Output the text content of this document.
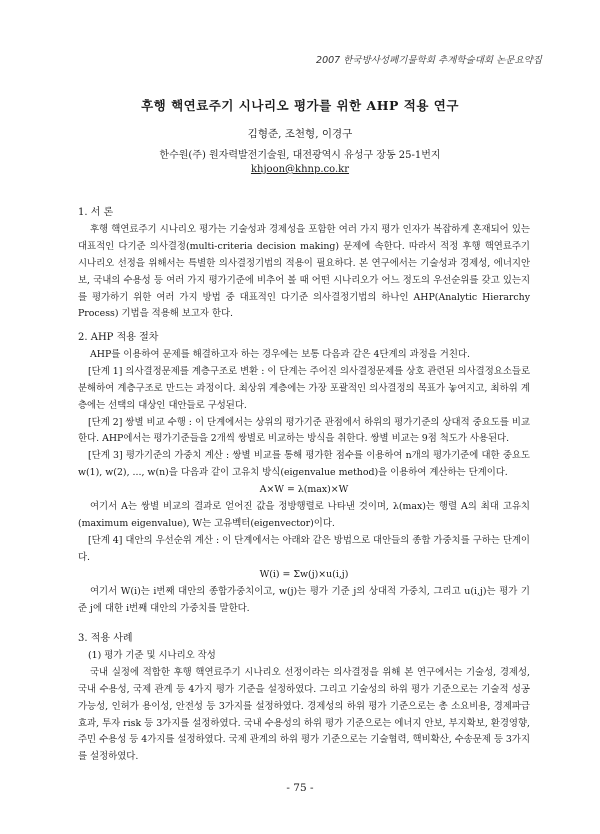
2007 한국방사성폐기물학회 추계학술대회 논문요약집
후행 핵연료주기 시나리오 평가를 위한 AHP 적용 연구
김형준, 조천형, 이경구
한수원(주) 원자력발전기술원, 대전광역시 유성구 장동 25-1번지
khjoon@khnp.co.kr

1. 서 론

후행 핵연료주기 시나리오 평가는 기술성과 경제성을 포함한 여러 가지 평가 인자가 복잡하게 혼재되어 있는 대표적인 다기준 의사결정(multi-criteria decision making) 문제에 속한다. 따라서 적정 후행 핵연료주기 시나리오 선정을 위해서는 특별한 의사결정기법의 적용이 필요하다. 본 연구에서는 기술성과 경제성, 에너지안보, 국내의 수용성 등 여러 가지 평가기준에 비추어 볼 때 어떤 시나리오가 어느 정도의 우선순위를 갖고 있는지를 평가하기 위한 여러 가지 방법 중 대표적인 다기준 의사결정기법의 하나인 AHP(Analytic Hierarchy Process) 기법을 적용해 보고자 한다.

2. AHP 적용 절차

AHP를 이용하여 문제를 해결하고자 하는 경우에는 보통 다음과 같은 4단계의 과정을 거친다.

[단계 1] 의사결정문제를 계층구조로 변환 : 이 단계는 주어진 의사결정문제를 상호 관련된 의사결정요소들로 분해하여 계층구조로 만드는 과정이다. 최상위 계층에는 가장 포괄적인 의사결정의 목표가 놓여지고, 최하위 계층에는 선택의 대상인 대안들로 구성된다.

[단계 2] 쌍별 비교 수행 : 이 단계에서는 상위의 평가기준 관점에서 하위의 평가기준의 상대적 중요도를 비교한다. AHP에서는 평가기준들을 2개씩 쌍별로 비교하는 방식을 취한다. 쌍별 비교는 9점 척도가 사용된다.

[단계 3] 평가기준의 가중치 계산 : 쌍별 비교를 통해 평가한 점수를 이용하여 n개의 평가기준에 대한 중요도 w(1), w(2), ..., w(n)을 다음과 같이 고유치 방식(eigenvalue method)을 이용하여 계산하는 단계이다.

A×W = λ(max)×W

여기서 A는 쌍별 비교의 결과로 얻어진 값을 정방행렬로 나타낸 것이며, λ(max)는 행렬 A의 최대 고유치(maximum eigenvalue), W는 고유벡터(eigenvector)이다.

[단계 4] 대안의 우선순위 계산 : 이 단계에서는 아래와 같은 방법으로 대안들의 종합 가중치를 구하는 단계이다.

W(i) = Σw(j)×u(i,j)

여기서 W(i)는 i번째 대안의 종합가중치이고, w(j)는 평가 기준 j의 상대적 가중치, 그리고 u(i,j)는 평가 기준 j에 대한 i번째 대안의 가중치를 말한다.

3. 적용 사례

(1) 평가 기준 및 시나리오 작성

국내 실정에 적합한 후행 핵연료주기 시나리오 선정이라는 의사결정을 위해 본 연구에서는 기술성, 경제성, 국내 수용성, 국제 관계 등 4가지 평가 기준을 설정하였다. 그리고 기술성의 하위 평가 기준으로는 기술적 성공 가능성, 인허가 용이성, 안전성 등 3가지를 설정하였다. 경제성의 하위 평가 기준으로는 총 소요비용, 경제파급효과, 투자 risk 등 3가지를 설정하였다. 국내 수용성의 하위 평가 기준으로는 에너지 안보, 부지확보, 환경영향, 주민 수용성 등 4가지를 설정하였다. 국제 관계의 하위 평가 기준으로는 기술협력, 핵비확산, 수송문제 등 3가지를 설정하였다.

- 75 -
